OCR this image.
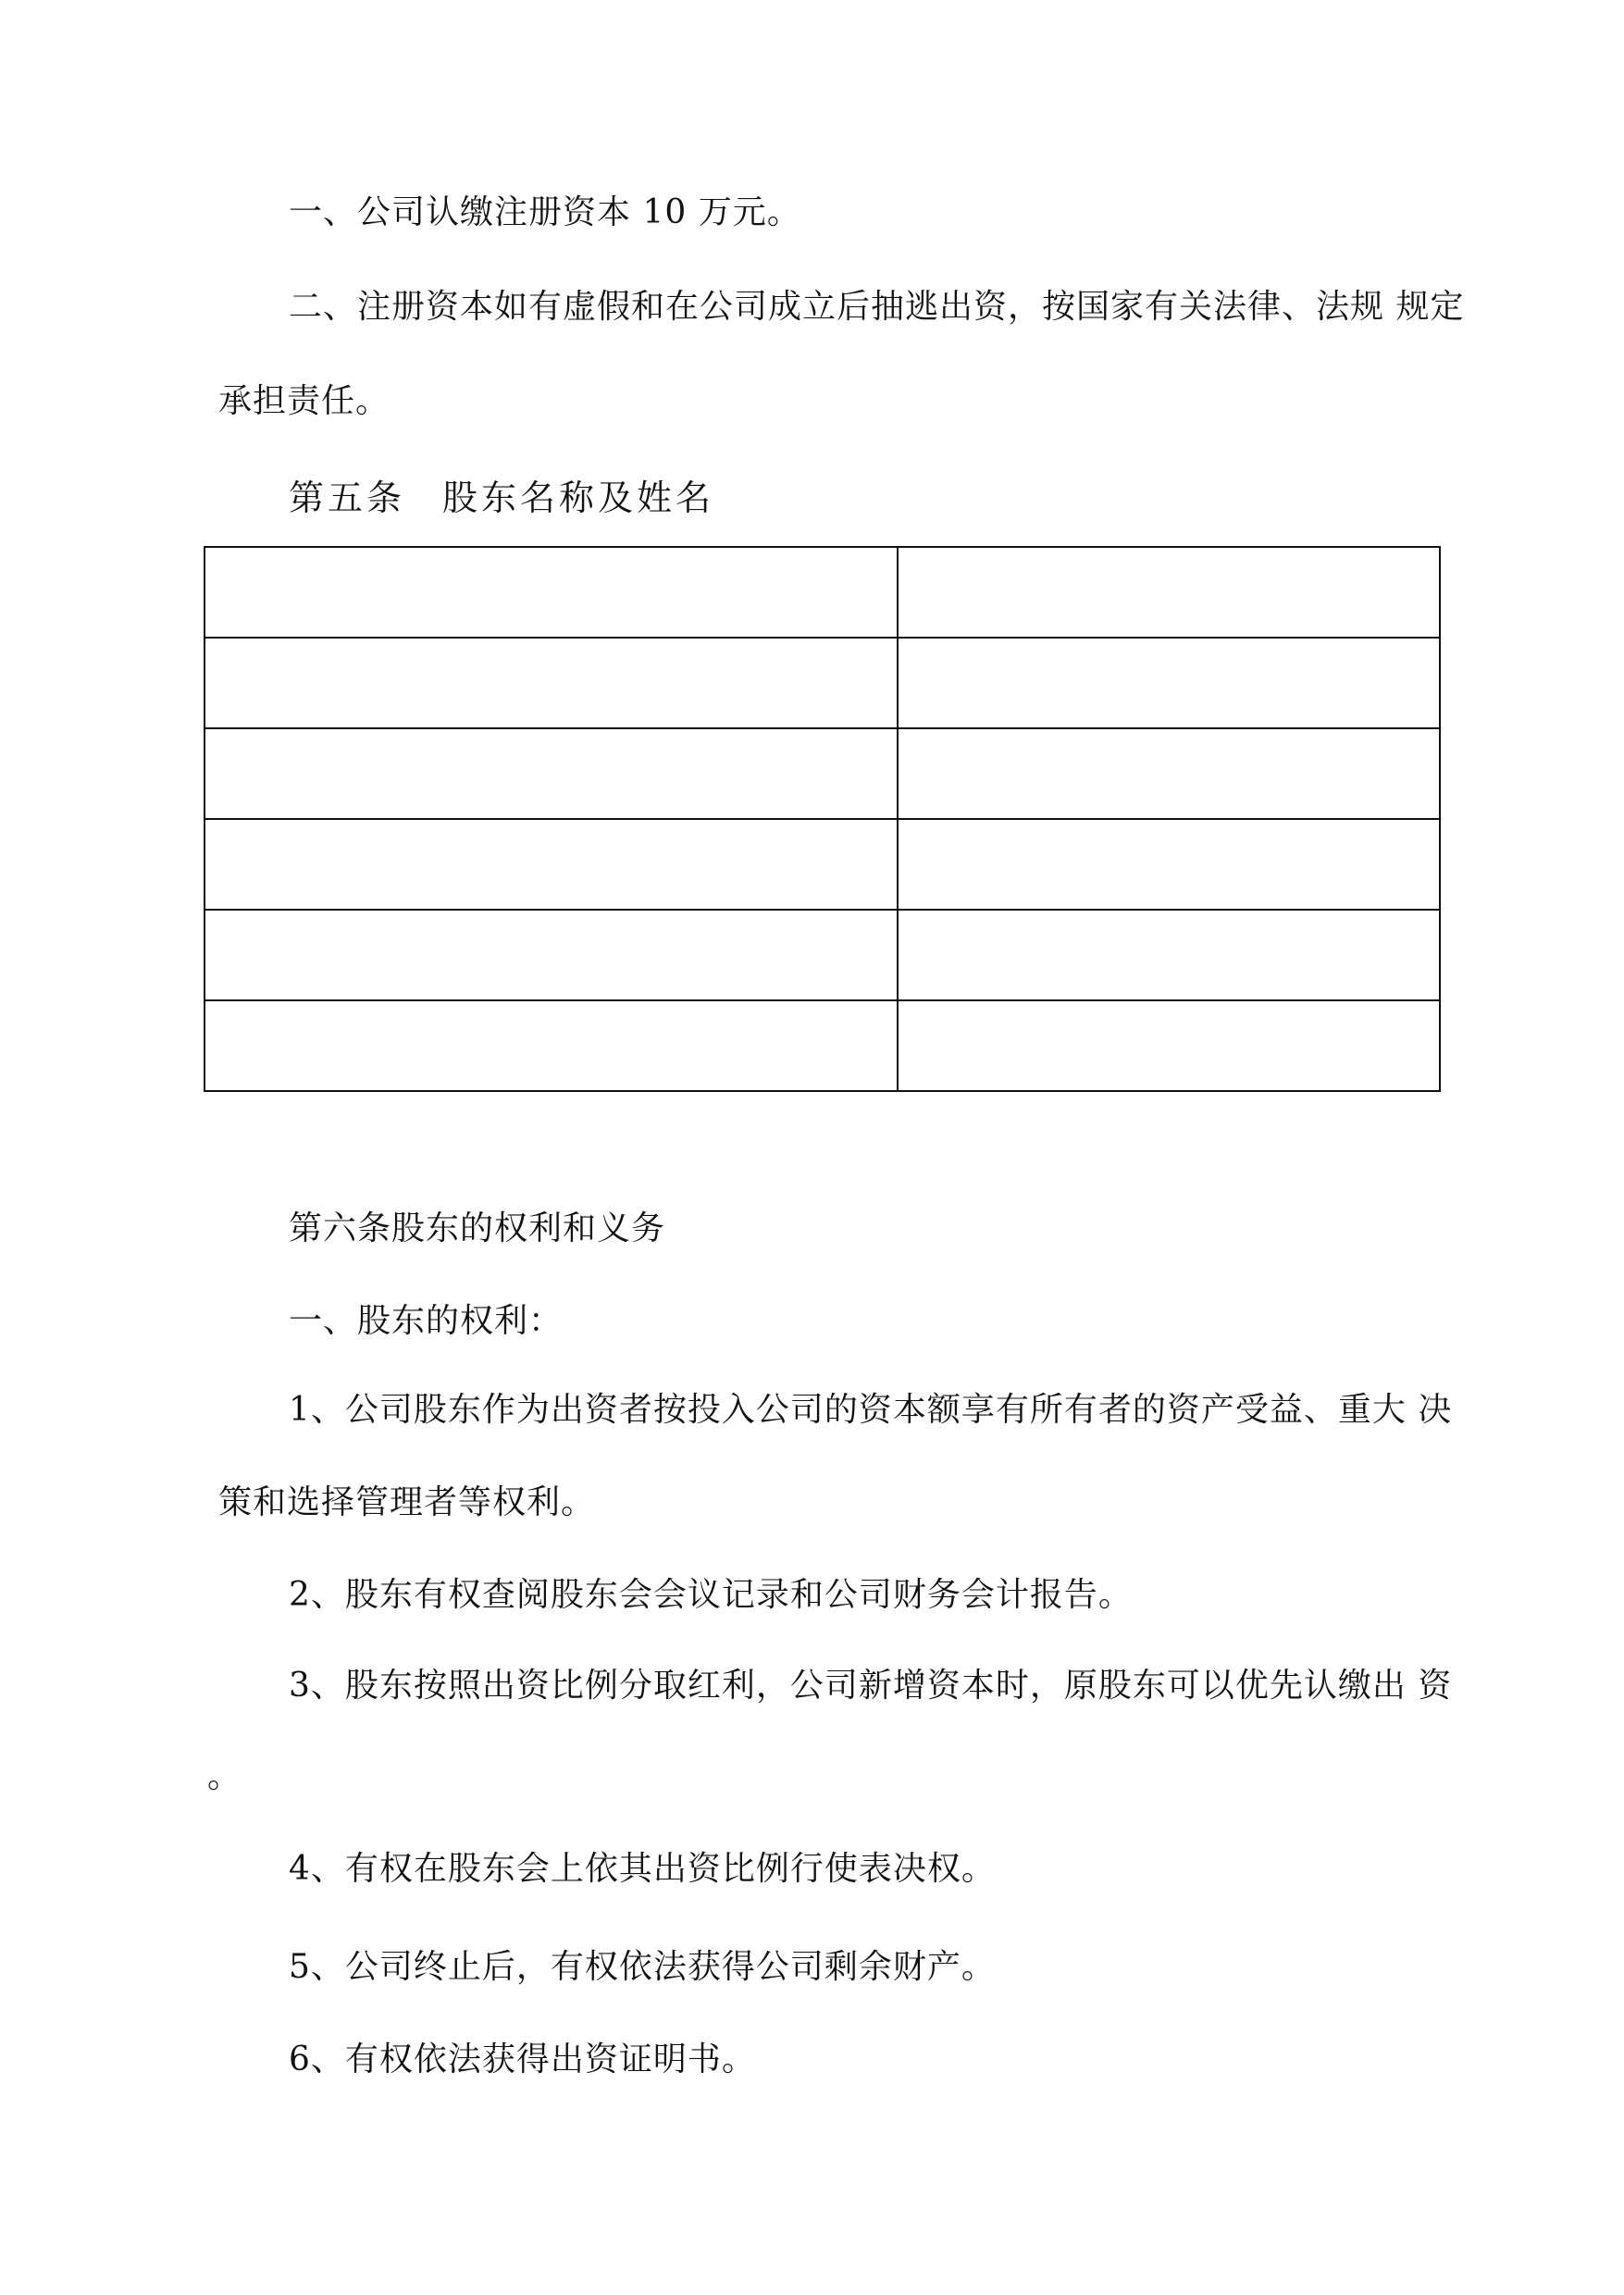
一、公司认缴注册资本 10 万元。
二、注册资本如有虚假和在公司成立后抽逃出资，按国家有关法律、法规 规定
承担责任。
第五条 股东名称及姓名

第六条股东的权利和义务
一、股东的权利：
1、公司股东作为出资者按投入公司的资本额享有所有者的资产受益、重大 决
策和选择管理者等权利。
2、股东有权查阅股东会会议记录和公司财务会计报告。
3、股东按照出资比例分取红利，公司新增资本时，原股东可以优先认缴出 资
。
4、有权在股东会上依其出资比例行使表决权。
5、公司终止后，有权依法获得公司剩余财产。
6、有权依法获得出资证明书。
